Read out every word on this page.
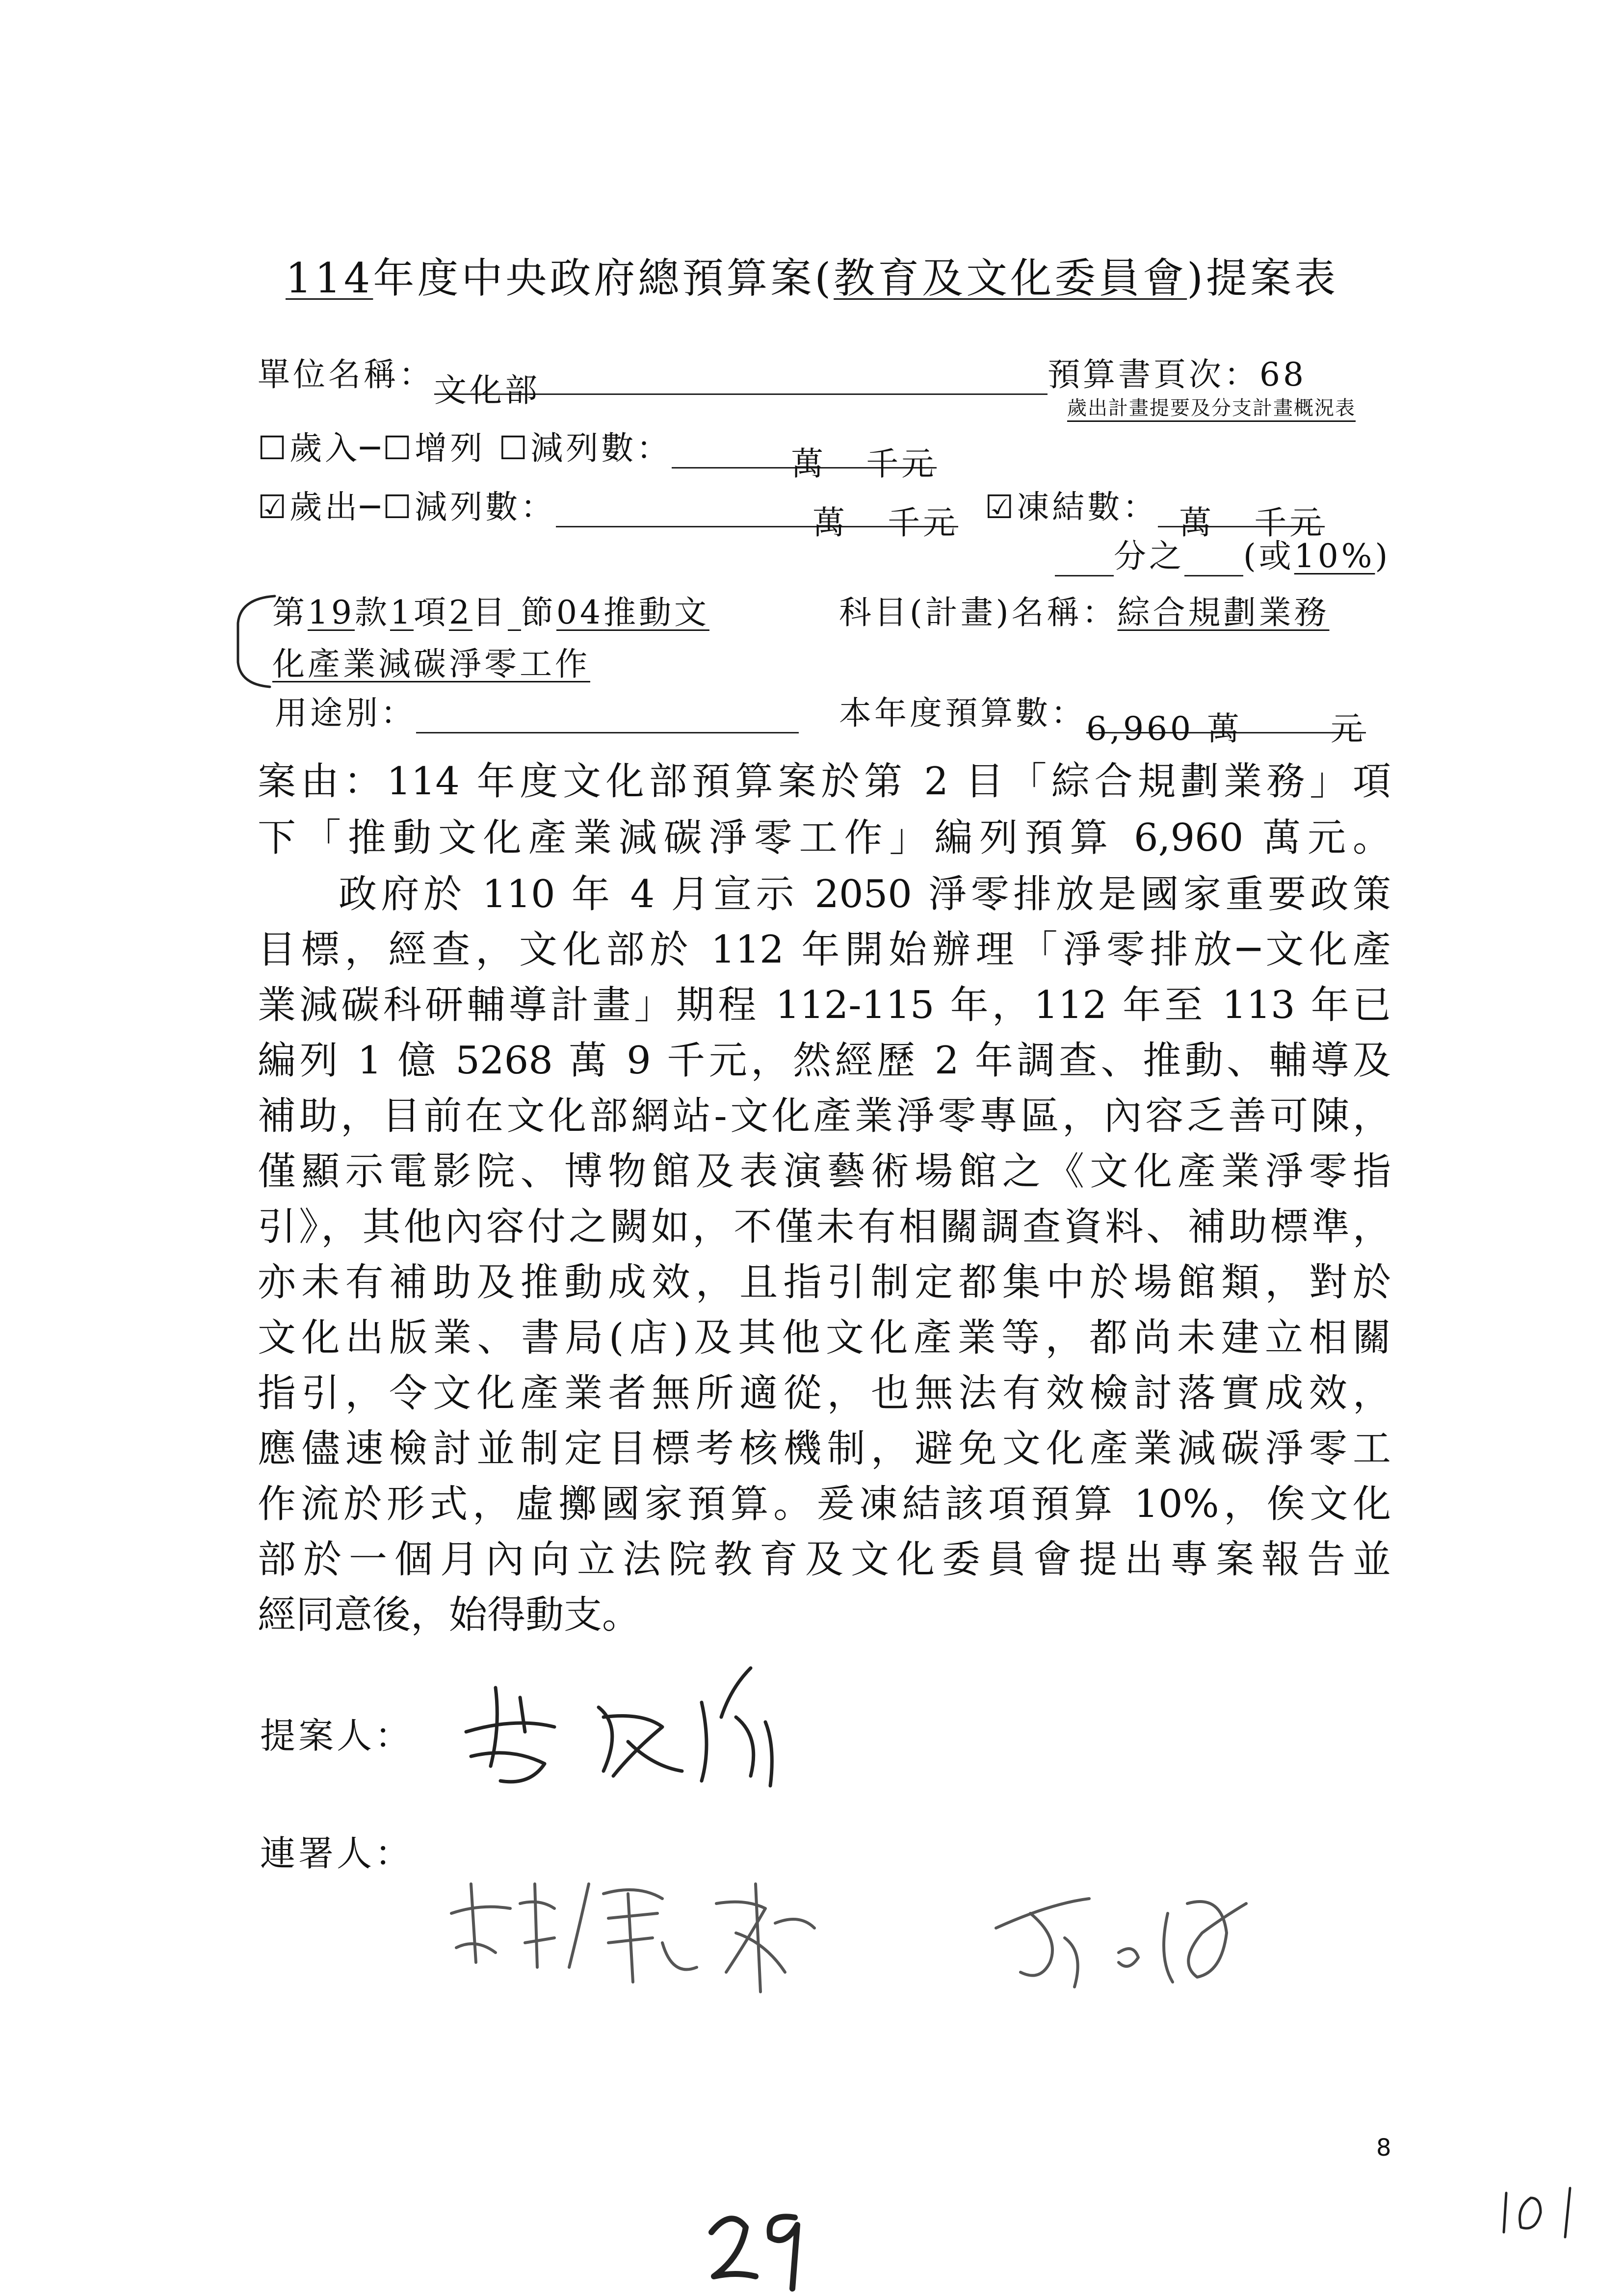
114年度中央政府總預算案(教育及文化委員會)提案表
單位名稱：文化部	預算書頁次：68
歲出計畫提要及分支計畫概況表
☐歲入─☐增列 ☐減列數：	萬 千元
☑歲出─☐減列數：	萬 千元 ☑凍結數： 萬 千元
分之 (或10%)
第19款1項2目 節04推動文	科目(計畫)名稱：綜合規劃業務
化產業減碳淨零工作
用途別：	本年度預算數：6,960 萬	元
案由：114 年度文化部預算案於第 2 目「綜合規劃業務」項
下「推動文化產業減碳淨零工作」編列預算 6,960 萬元。
政府於 110 年 4 月宣示 2050 淨零排放是國家重要政策
目標，經查，文化部於 112 年開始辦理「淨零排放─文化產
業減碳科研輔導計畫」期程 112-115 年，112 年至 113 年已
編列 1 億 5268 萬 9 千元，然經歷 2 年調查、推動、輔導及
補助，目前在文化部網站-文化產業淨零專區，內容乏善可陳，
僅顯示電影院、博物館及表演藝術場館之《文化產業淨零指
引》，其他內容付之闕如，不僅未有相關調查資料、補助標準，
亦未有補助及推動成效，且指引制定都集中於場館類，對於
文化出版業、書局(店)及其他文化產業等，都尚未建立相關
指引，令文化產業者無所適從，也無法有效檢討落實成效，
應儘速檢討並制定目標考核機制，避免文化產業減碳淨零工
作流於形式，虛擲國家預算。爰凍結該項預算 10%，俟文化
部於一個月內向立法院教育及文化委員會提出專案報告並
經同意後，始得動支。
提案人：
連署人：
8
